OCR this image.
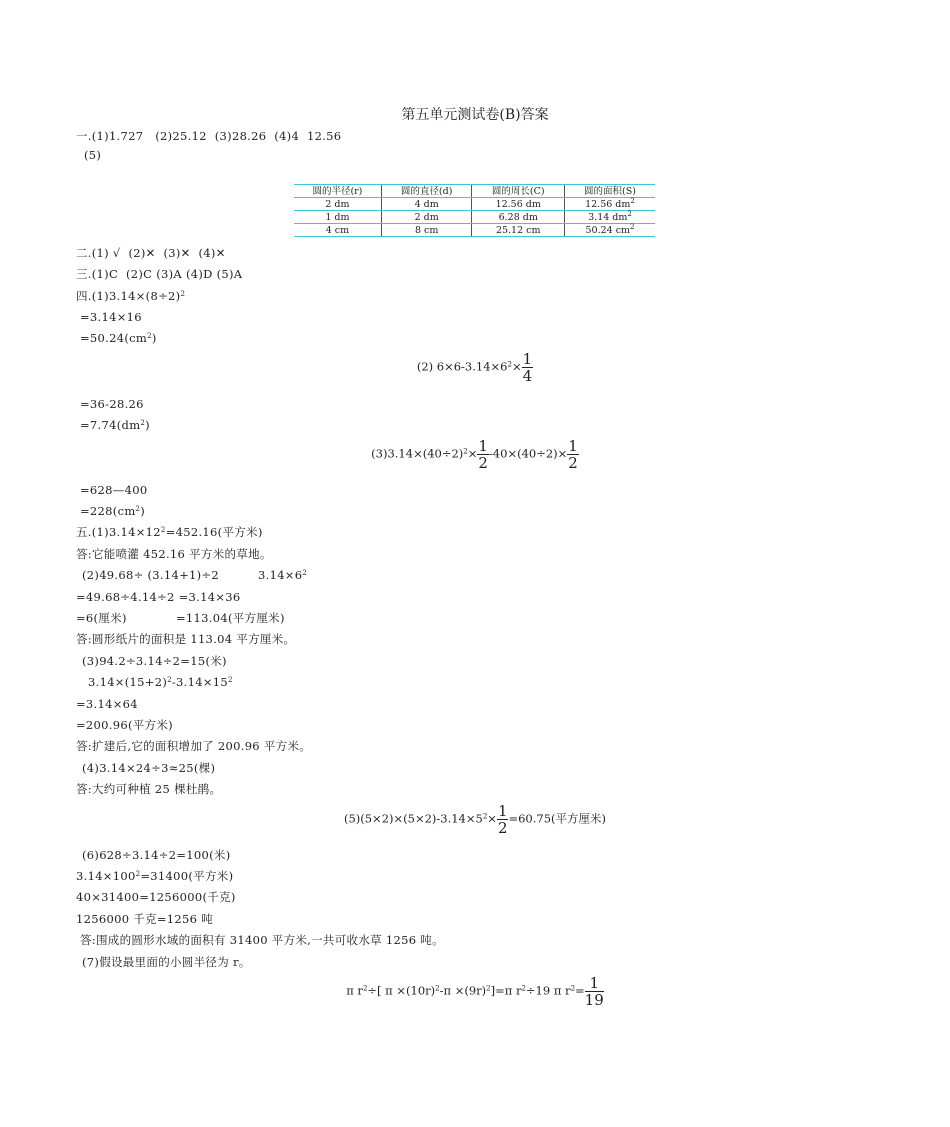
第五单元测试卷(B)答案
一.(1)1.727   (2)25.12  (3)28.26  (4)4  12.56
(5)
圆的半径(r)	圆的直径(d)	圆的周长(C)	圆的面积(S)
2 dm	4 dm	12.56 dm	12.56 $dm^2$
1 dm	2 dm	6.28 dm	3.14 $dm^2$
4 cm	8 cm	25.12 cm	50.24 $cm^2$
二.(1) √  (2)✕  (3)✕  (4)✕
三.(1)C  (2)C (3)A (4)D (5)A
四$.(1)3.14\times(8\div 2)^2$
=3.14×16
$=50.24(cm^2)$
(2) $6\times 6-3.14\times 6^2\times \frac{1}{4}$
=36-28.26
$=7.74(dm^2)$
$(3)3.14\times(40\div 2)^2\times \frac{1}{2} -40\times(40\div 2)\times \frac{1}{2}$
=628—400
$=228(cm^2)$
五$.(1)3.14\times 12^2=452.16$(平方米)
答:它能喷灌 452.16 平方米的草地。
(2)49.68÷ (3.14+1)÷2	$3.14\times 6^2$
=49.68÷4.14÷2 =3.14×36
=6(厘米)	=113.04(平方厘米)
答:圆形纸片的面积是 113.04 平方厘米。
(3)94.2÷3.14÷2=15(米)
$3.14\times(15+2)^2-3.14\times 15^2$
=3.14×64
=200.96(平方米)
答:扩建后,它的面积增加了 200.96 平方米。
(4)3.14×24÷3≈25(棵)
答:大约可种植 25 棵杜鹃。
$(5)(5\times 2)\times(5\times 2)-3.14\times 5^2\times \frac{1}{2} =60.75$(平方厘米)
(6)628÷3.14÷2=100(米)
$3.14\times 100^2=31400$(平方米)
40×31400=1256000(千克)
1256000 千克=1256 吨
答:围成的圆形水域的面积有 31400 平方米,一共可收水草 1256 吨。
(7)假设最里面的小圆半径为 r。
π $r^2\div$[ $\pi \times(10r)^2-\pi \times(9r)^2]=\pi$ $r^2\div 19$ π $r^2= \frac{1}{19}$
